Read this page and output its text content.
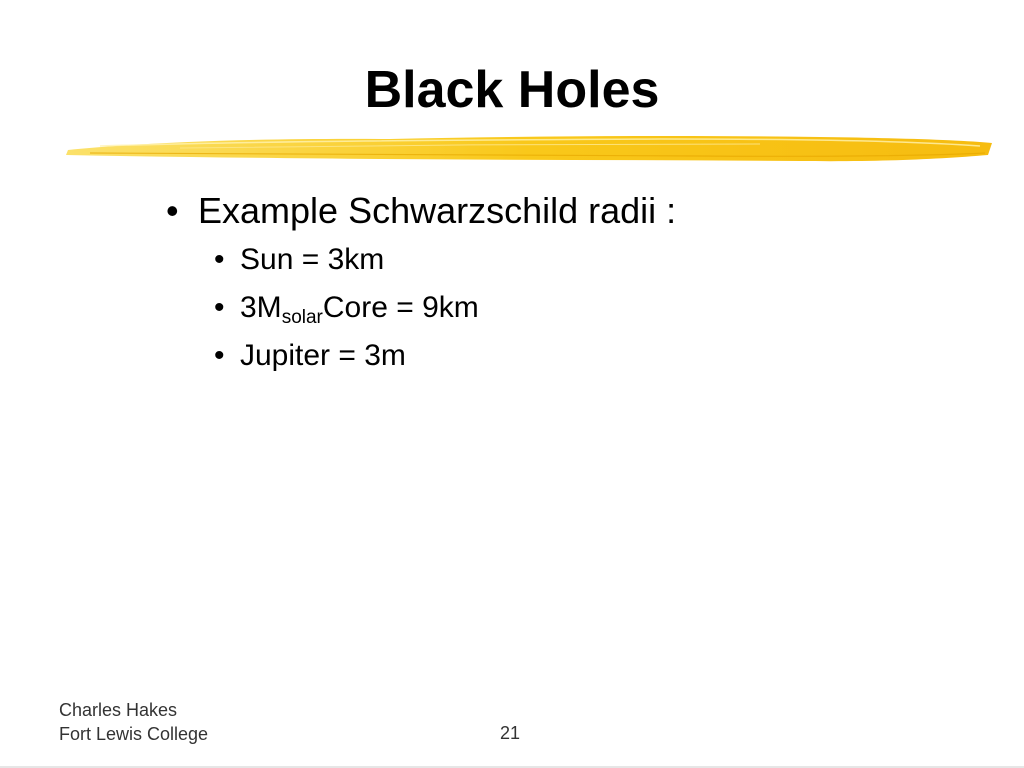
Black Holes
• Example Schwarzschild radii :
• Sun = 3km
• $3M_{solar}Core = 9km$
• Jupiter = 3m
Charles Hakes
Fort Lewis College	21
